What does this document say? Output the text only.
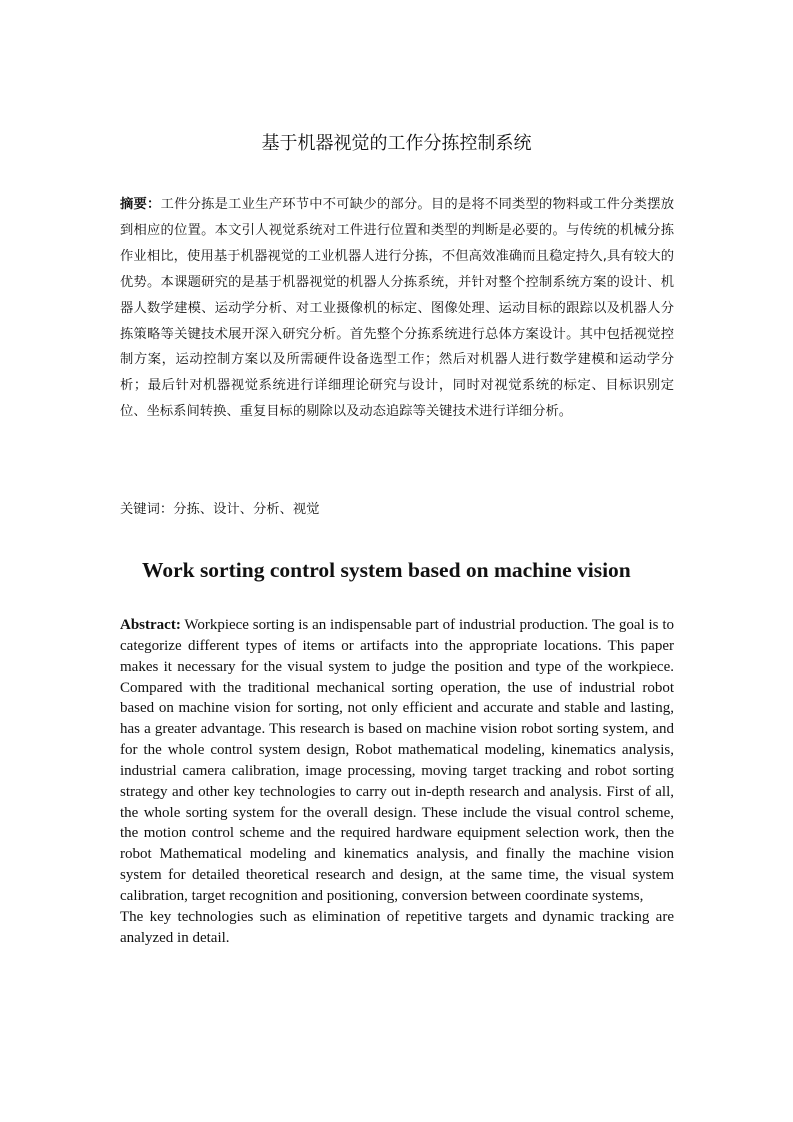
基于机器视觉的工作分拣控制系统
摘要：工件分拣是工业生产环节中不可缺少的部分。目的是将不同类型的物料或工件分类摆放到相应的位置。本文引人视觉系统对工件进行位置和类型的判断是必要的。与传统的机械分拣作业相比，使用基于机器视觉的工业机器人进行分拣，不但高效准确而且稳定持久,具有较大的优势。本课题研究的是基于机器视觉的机器人分拣系统，并针对整个控制系统方案的设计、机器人数学建模、运动学分析、对工业摄像机的标定、图像处理、运动目标的跟踪以及机器人分拣策略等关键技术展开深入研究分析。首先整个分拣系统进行总体方案设计。其中包括视觉控制方案，运动控制方案以及所需硬件设备选型工作；然后对机器人进行数学建模和运动学分析；最后针对机器视觉系统进行详细理论研究与设计，同时对视觉系统的标定、目标识别定位、坐标系间转换、重复目标的剔除以及动态追踪等关键技术进行详细分析。
关键词：分拣、设计、分析、视觉
Work sorting control system based on machine vision

Abstract: Workpiece sorting is an indispensable part of industrial production. The goal is to categorize different types of items or artifacts into the appropriate locations. This paper makes it necessary for the visual system to judge the position and type of the workpiece. Compared with the traditional mechanical sorting operation, the use of industrial robot based on machine vision for sorting, not only efficient and accurate and stable and lasting, has a greater advantage. This research is based on machine vision robot sorting system, and for the whole control system design, Robot mathematical modeling, kinematics analysis, industrial camera calibration, image processing, moving target tracking and robot sorting strategy and other key technologies to carry out in-depth research and analysis. First of all, the whole sorting system for the overall design. These include the visual control scheme, the motion control scheme and the required hardware equipment selection work, then the robot Mathematical modeling and kinematics analysis, and finally the machine vision system for detailed theoretical research and design, at the same time, the visual system calibration, target recognition and positioning, conversion between coordinate systems,

The key technologies such as elimination of repetitive targets and dynamic tracking are analyzed in detail.
